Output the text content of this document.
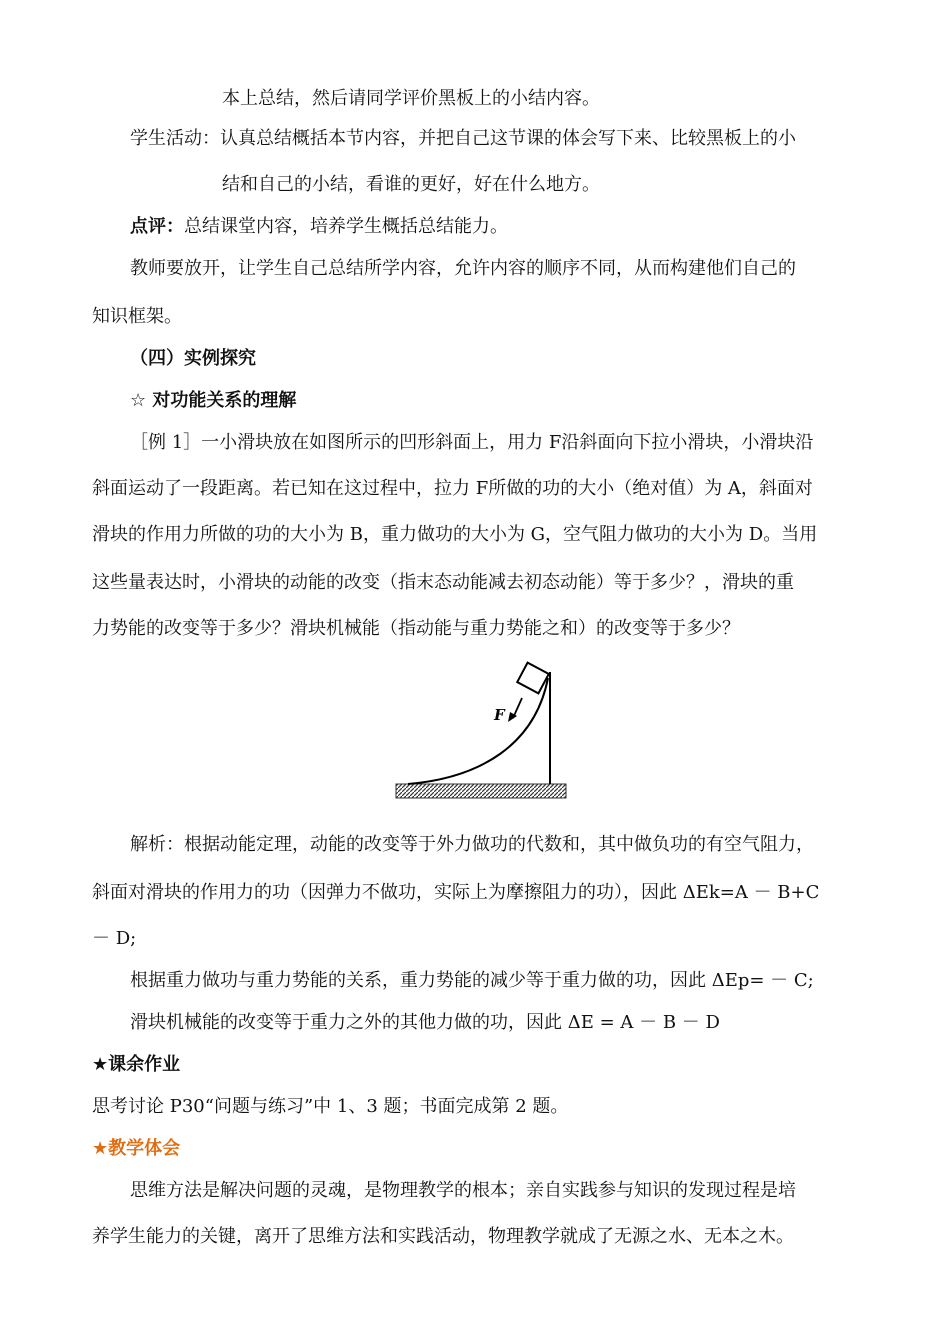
本上总结，然后请同学评价黑板上的小结内容。
学生活动：认真总结概括本节内容，并把自己这节课的体会写下来、比较黑板上的小
结和自己的小结，看谁的更好，好在什么地方。
点评：总结课堂内容，培养学生概括总结能力。
教师要放开，让学生自己总结所学内容，允许内容的顺序不同，从而构建他们自己的
知识框架。
（四）实例探究
☆ 对功能关系的理解
［例 1］一小滑块放在如图所示的凹形斜面上，用力 F沿斜面向下拉小滑块，小滑块沿
斜面运动了一段距离。若已知在这过程中，拉力 F所做的功的大小（绝对值）为 A，斜面对
滑块的作用力所做的功的大小为 B，重力做功的大小为 G，空气阻力做功的大小为 D。当用
这些量表达时，小滑块的动能的改变（指末态动能减去初态动能）等于多少？，滑块的重
力势能的改变等于多少？滑块机械能（指动能与重力势能之和）的改变等于多少？
F
解析：根据动能定理，动能的改变等于外力做功的代数和，其中做负功的有空气阻力，
斜面对滑块的作用力的功（因弹力不做功，实际上为摩擦阻力的功），因此 ΔEk=A － B+C
－ D;
根据重力做功与重力势能的关系，重力势能的减少等于重力做的功，因此 ΔEp= － C;
滑块机械能的改变等于重力之外的其他力做的功，因此 ΔE = A － B － D
★课余作业
思考讨论 P30“问题与练习”中 1、3 题；书面完成第 2 题。
★教学体会
思维方法是解决问题的灵魂，是物理教学的根本；亲自实践参与知识的发现过程是培
养学生能力的关键，离开了思维方法和实践活动，物理教学就成了无源之水、无本之木。
